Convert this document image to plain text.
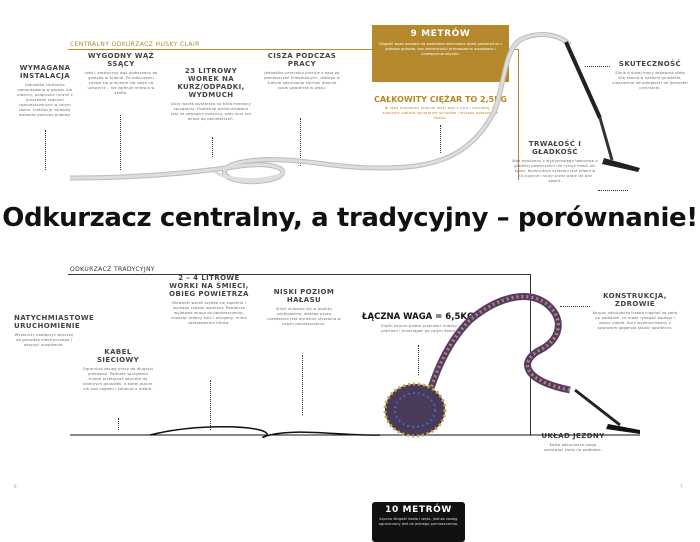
CENTRALNY ODKURZACZ HUSKY CLAIR
WYMAGANA INSTALACJA
Jednostka centralna zamontowana w garażu lub piwnicy, połączona rurami z gniazdami ssącymi rozmieszczonymi w całym domu. Instalację najlepiej wykonać podczas budowy.
WYGODNY WĄŻ SSĄCY
Lekki, elastyczny wąż podłączany do gniazda w ścianie. Po odkurzaniu chowa się w ścianie lub zwija na uchwycie – nie zajmuje miejsca w szafie.
23 LITROWY WOREK NA KURZ/ODPADKI, WYDMUCH
Duży worek wystarcza na kilka miesięcy sprzątania. Powietrze wydmuchiwane jest na zewnątrz budynku, więc kurz nie wraca do pomieszczeń.
CISZA PODCZAS PRACY
Jednostka centralna pracuje z dala od pomieszczeń mieszkalnych, dlatego w trakcie odkurzania słychać jedynie szum powietrza w wężu.
9 METRÓW
Długość węża pozwala na swobodne odkurzanie dużej powierzchni z jednego gniazda, bez konieczności przenoszenia urządzenia i przełączania wtyczki.
CAŁKOWITY CIĘŻAR TO 2,5KG
W ręku trzymamy jedynie lekki wąż z rurą i szczotką, co znacznie ułatwia sprzątanie schodów i wysoko położonych miejsc.
SKUTECZNOŚĆ
Silnik o dużej mocy zapewnia stałą siłę ssania w każdym gnieździe, niezależnie od odległości od jednostki centralnej.
TRWAŁOŚĆ I GŁADKOŚĆ
Wąż wykonany z wytrzymałego tworzywa o gładkiej powierzchni nie rysuje mebli ani ścian. Konstrukcja systemu jest odporna na zużycie i służy przez wiele lat bez awarii.
Odkurzacz centralny, a tradycyjny – porównanie!
ODKURZACZ TRADYCYJNY
NATYCHMIASTOWE URUCHOMIENIE
Wystarczy podłączyć wtyczkę do gniazdka elektrycznego i włączyć urządzenie.
KABEL SIECIOWY
Ogranicza zasięg pracy do długości przewodu. Podczas sprzątania trzeba przełączać wtyczkę do kolejnych gniazdek, a kabel plącze się pod nogami i zahacza o meble.
2 – 4 LITROWE WORKI NA ŚMIECI, OBIEG POWIETRZA
Niewielki worek szybko się zapełnia i wymaga częstej wymiany. Powietrze wylotowe wraca do pomieszczenia, unosząc drobny kurz i alergeny, mimo zastosowania filtrów.
NISKI POZIOM HAŁASU
Silnik znajduje się w pobliżu użytkownika, dlatego praca urządzenia jest wyraźnie słyszalna w całym pomieszczeniu.
10 METRÓW
Łączna długość kabla i węża, jednak zasięg ograniczony jest do jednego pomieszczenia.
ŁĄCZNA WAGA = 6,5KG
Ciężki korpus trzeba przenosić między piętrami i przeciągać po całym domu.
KONSTRUKCJA, ZDROWIE
Korpus odkurzacza trzeba ciągnąć za sobą po podłodze, co może rysować podłogi i obijać meble. Kurz wydmuchiwany z powrotem pogarsza jakość powietrza.
UKŁAD JEZDNY
Kółka odkurzacza mogą zostawiać ślady na podłodze.
6	7
